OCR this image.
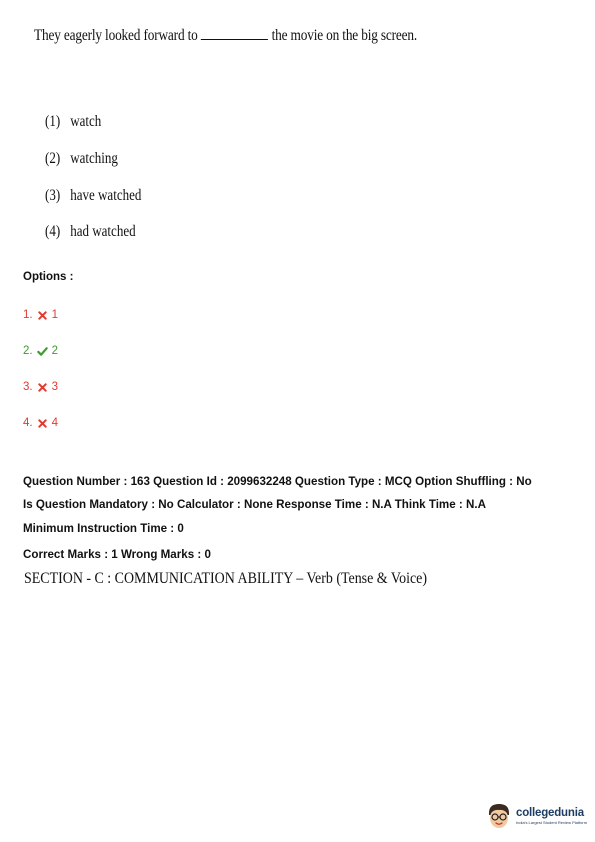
They eagerly looked forward to	the movie on the big screen.
(1) watch
(2) watching
(3) have watched
(4) had watched
Options :
1. 1
2. 2
3. 3
4. 4
Question Number : 163 Question Id : 2099632248 Question Type : MCQ Option Shuffling : No
Is Question Mandatory : No Calculator : None Response Time : N.A Think Time : N.A
Minimum Instruction Time : 0
Correct Marks : 1 Wrong Marks : 0
SECTION - C : COMMUNICATION ABILITY – Verb (Tense & Voice)
collegedunia
India's Largest Student Review Platform
